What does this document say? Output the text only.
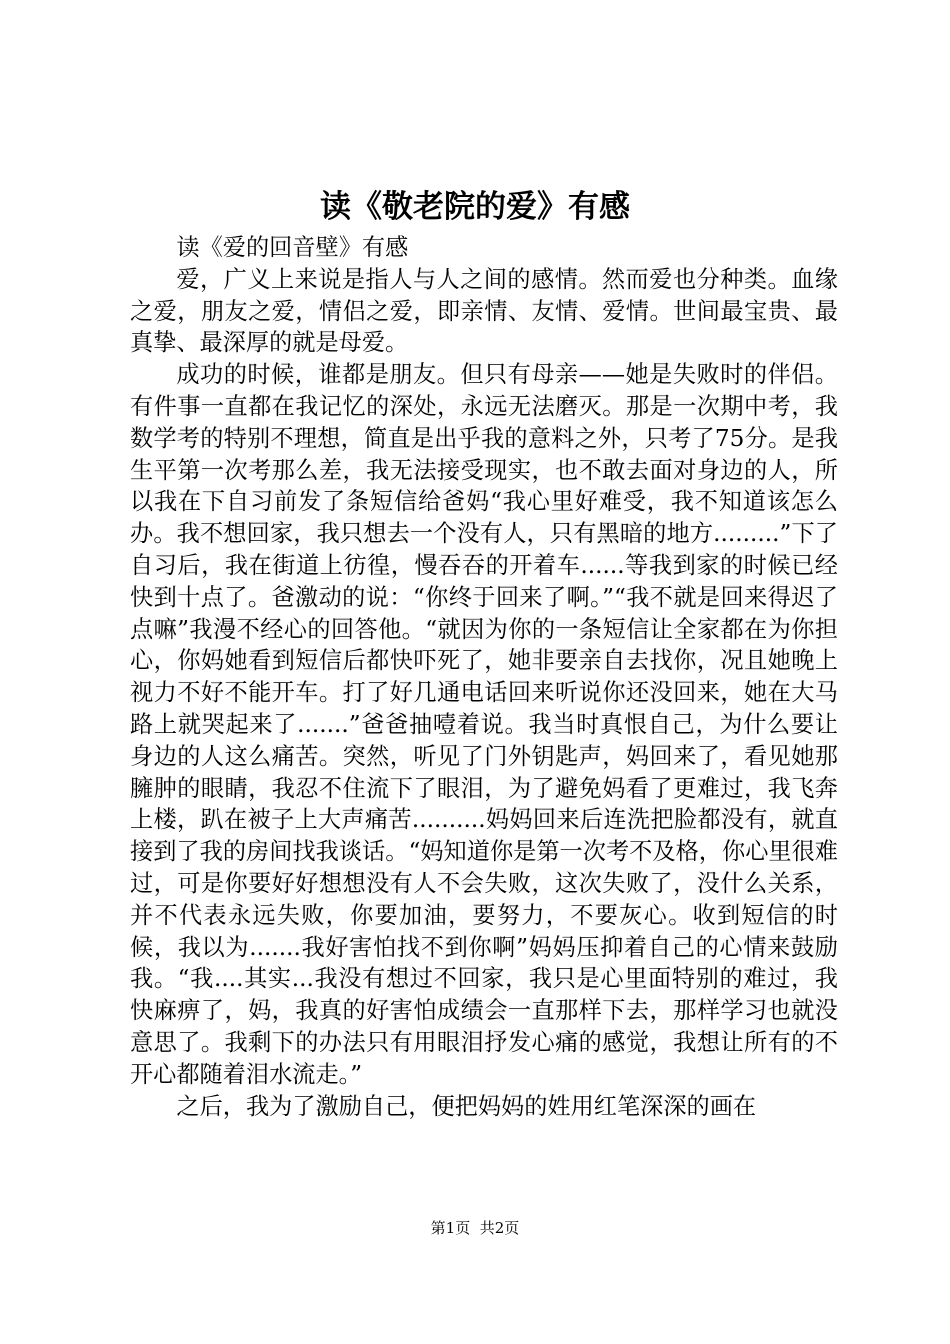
读《敬老院的爱》有感

读《爱的回音壁》有感

爱，广义上来说是指人与人之间的感情。然而爱也分种类。血缘之爱，朋友之爱，情侣之爱，即亲情、友情、爱情。世间最宝贵、最真挚、最深厚的就是母爱。

成功的时候，谁都是朋友。但只有母亲——她是失败时的伴侣。有件事一直都在我记忆的深处，永远无法磨灭。那是一次期中考，我数学考的特别不理想，简直是出乎我的意料之外，只考了75分。是我生平第一次考那么差，我无法接受现实，也不敢去面对身边的人，所以我在下自习前发了条短信给爸妈“我心里好难受，我不知道该怎么办。我不想回家，我只想去一个没有人，只有黑暗的地方.........”下了自习后，我在街道上彷徨，慢吞吞的开着车......等我到家的时候已经快到十点了。爸激动的说：“你终于回来了啊。”“我不就是回来得迟了点嘛”我漫不经心的回答他。“就因为你的一条短信让全家都在为你担心，你妈她看到短信后都快吓死了，她非要亲自去找你，况且她晚上视力不好不能开车。打了好几通电话回来听说你还没回来，她在大马路上就哭起来了.......”爸爸抽噎着说。我当时真恨自己，为什么要让身边的人这么痛苦。突然，听见了门外钥匙声，妈回来了，看见她那臃肿的眼睛，我忍不住流下了眼泪，为了避免妈看了更难过，我飞奔上楼，趴在被子上大声痛苦..........妈妈回来后连洗把脸都没有，就直接到了我的房间找我谈话。“妈知道你是第一次考不及格，你心里很难过，可是你要好好想想没有人不会失败，这次失败了，没什么关系，并不代表永远失败，你要加油，要努力，不要灰心。收到短信的时候，我以为.......我好害怕找不到你啊”妈妈压抑着自己的心情来鼓励我。“我....其实...我没有想过不回家，我只是心里面特别的难过，我快麻痹了，妈，我真的好害怕成绩会一直那样下去，那样学习也就没意思了。我剩下的办法只有用眼泪抒发心痛的感觉，我想让所有的不开心都随着泪水流走。”

之后，我为了激励自己，便把妈妈的姓用红笔深深的画在

第1页 共2页
